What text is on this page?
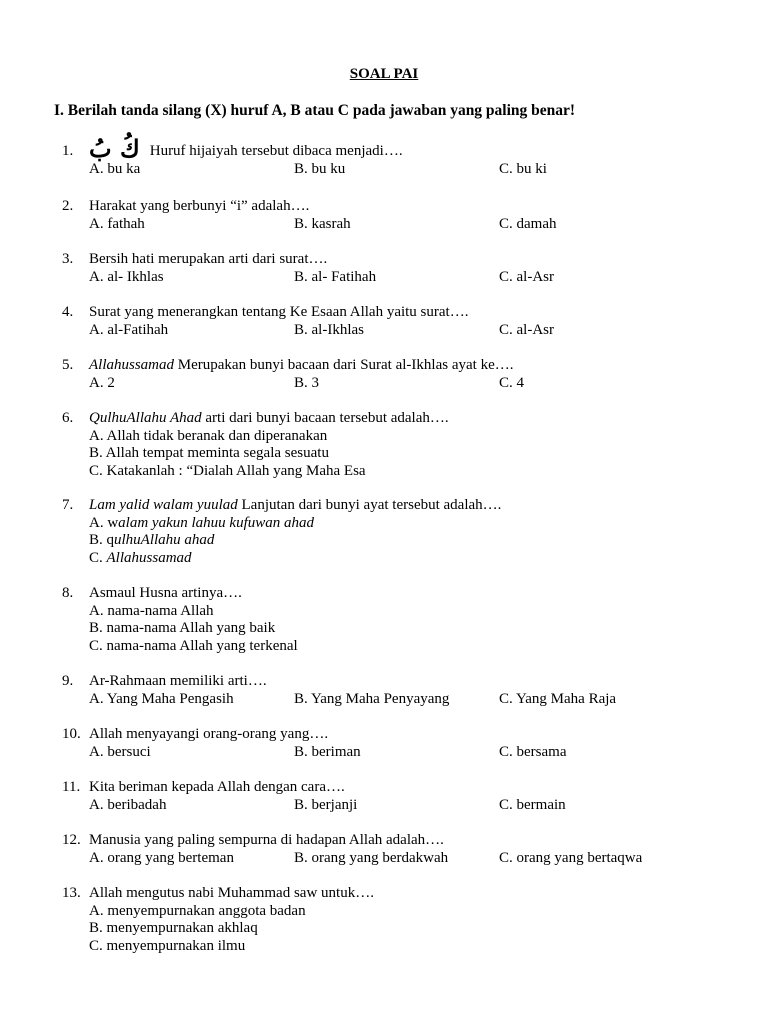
SOAL PAI
I. Berilah tanda silang (X) huruf A, B atau C pada jawaban yang paling benar!
1. كُ بُ Huruf hijaiyah tersebut dibaca menjadi….
A. bu ka	B. bu ku	C. bu ki
2.	Harakat yang berbunyi “i” adalah….
A. fathah	B. kasrah	C. damah
3.	Bersih hati merupakan arti dari surat….
A. al- Ikhlas	B. al- Fatihah	C. al-Asr
4.	Surat yang menerangkan tentang Ke Esaan Allah yaitu surat….
A. al-Fatihah	B. al-Ikhlas	C. al-Asr
5.	Allahussamad Merupakan bunyi bacaan dari Surat al-Ikhlas ayat ke….
A. 2	B. 3	C. 4
6.	QulhuAllahu Ahad arti dari bunyi bacaan tersebut adalah….
A. Allah tidak beranak dan diperanakan
B. Allah tempat meminta segala sesuatu
C. Katakanlah : “Dialah Allah yang Maha Esa
7.	Lam yalid walam yuulad Lanjutan dari bunyi ayat tersebut adalah….
A. walam yakun lahuu kufuwan ahad
B. qulhuAllahu ahad
C. Allahussamad
8.	Asmaul Husna artinya….
A. nama-nama Allah
B. nama-nama Allah yang baik
C. nama-nama Allah yang terkenal
9.	Ar-Rahmaan memiliki arti….
A. Yang Maha Pengasih	B. Yang Maha Penyayang	C. Yang Maha Raja
10. Allah menyayangi orang-orang yang….
A. bersuci	B. beriman	C. bersama
11. Kita beriman kepada Allah dengan cara….
A. beribadah	B. berjanji	C. bermain
12. Manusia yang paling sempurna di hadapan Allah adalah….
A. orang yang berteman	B. orang yang berdakwah	C. orang yang bertaqwa
13. Allah mengutus nabi Muhammad saw untuk….
A. menyempurnakan anggota badan
B. menyempurnakan akhlaq
C. menyempurnakan ilmu
